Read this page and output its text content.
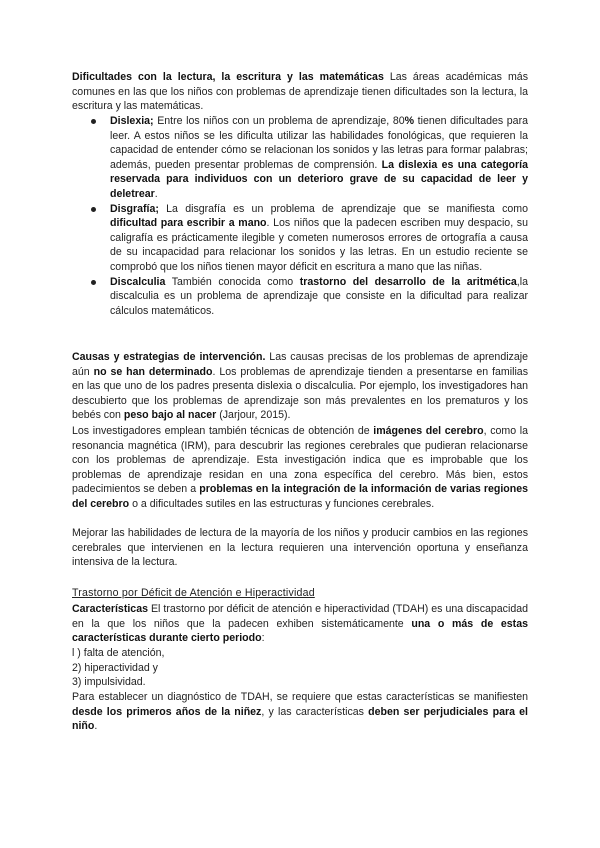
Dificultades con la lectura, la escritura y las matemáticas Las áreas académicas más comunes en las que los niños con problemas de aprendizaje tienen dificultades son la lectura, la escritura y las matemáticas.

Dislexia; Entre los niños con un problema de aprendizaje, 80% tienen dificultades para leer. A estos niños se les dificulta utilizar las habilidades fonológicas, que requieren la capacidad de entender cómo se relacionan los sonidos y las letras para formar palabras; además, pueden presentar problemas de comprensión. La dislexia es una categoría reservada para individuos con un deterioro grave de su capacidad de leer y deletrear.
Disgrafía; La disgrafía es un problema de aprendizaje que se manifiesta como dificultad para escribir a mano. Los niños que la padecen escriben muy despacio, su caligrafía es prácticamente ilegible y cometen numerosos errores de ortografía a causa de su incapacidad para relacionar los sonidos y las letras. En un estudio reciente se comprobó que los niños tienen mayor déficit en escritura a mano que las niñas.
Discalculia También conocida como trastorno del desarrollo de la aritmética,la discalculia es un problema de aprendizaje que consiste en la dificultad para realizar cálculos matemáticos.

Causas y estrategias de intervención. Las causas precisas de los problemas de aprendizaje aún no se han determinado. Los problemas de aprendizaje tienden a presentarse en familias en las que uno de los padres presenta dislexia o discalculia. Por ejemplo, los investigadores han descubierto que los problemas de aprendizaje son más prevalentes en los prematuros y los bebés con peso bajo al nacer (Jarjour, 2015).

Los investigadores emplean también técnicas de obtención de imágenes del cerebro, como la resonancia magnética (IRM), para descubrir las regiones cerebrales que pudieran relacionarse con los problemas de aprendizaje. Esta investigación indica que es improbable que los problemas de aprendizaje residan en una zona específica del cerebro. Más bien, estos padecimientos se deben a problemas en la integración de la información de varias regiones del cerebro o a dificultades sutiles en las estructuras y funciones cerebrales.

Mejorar las habilidades de lectura de la mayoría de los niños y producir cambios en las regiones cerebrales que intervienen en la lectura requieren una intervención oportuna y enseñanza intensiva de la lectura.

Trastorno por Déficit de Atención e Hiperactividad

Características El trastorno por déficit de atención e hiperactividad (TDAH) es una discapacidad en la que los niños que la padecen exhiben sistemáticamente una o más de estas características durante cierto periodo:

l ) falta de atención,
2) hiperactividad y
3) impulsividad.

Para establecer un diagnóstico de TDAH, se requiere que estas características se manifiesten desde los primeros años de la niñez, y las características deben ser perjudiciales para el niño.
